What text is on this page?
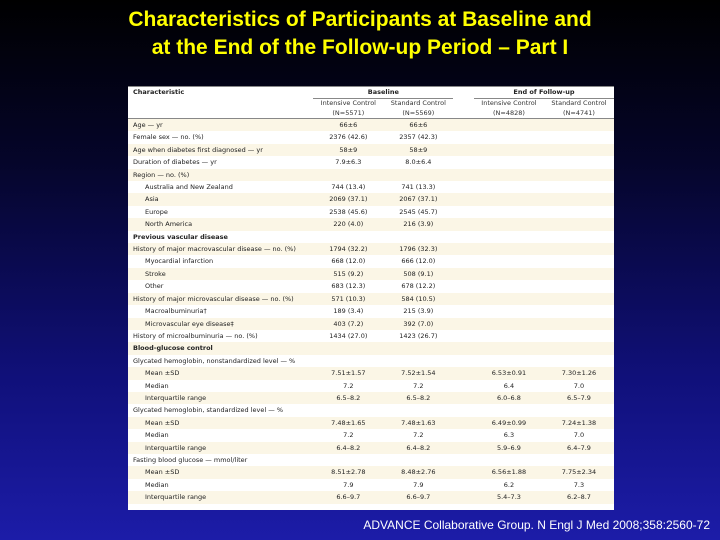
Characteristics of Participants at Baseline and
at the End of the Follow-up Period – Part I
Characteristic	Baseline			End of Follow-up	
	Intensive Control	Standard Control		Intensive Control	Standard Control
	(N=5571)	(N=5569)		(N=4828)	(N=4741)
Age — yr	66±6	66±6			
Female sex — no. (%)	2376 (42.6)	2357 (42.3)			
Age when diabetes first diagnosed — yr	58±9	58±9			
Duration of diabetes — yr	7.9±6.3	8.0±6.4			
Region — no. (%)					
Australia and New Zealand	744 (13.4)	741 (13.3)			
Asia	2069 (37.1)	2067 (37.1)			
Europe	2538 (45.6)	2545 (45.7)			
North America	220 (4.0)	216 (3.9)			
Previous vascular disease					
History of major macrovascular disease — no. (%)	1794 (32.2)	1796 (32.3)			
Myocardial infarction	668 (12.0)	666 (12.0)			
Stroke	515 (9.2)	508 (9.1)			
Other	683 (12.3)	678 (12.2)			
History of major microvascular disease — no. (%)	571 (10.3)	584 (10.5)			
Macroalbuminuria†	189 (3.4)	215 (3.9)			
Microvascular eye disease‡	403 (7.2)	392 (7.0)			
History of microalbuminuria — no. (%)	1434 (27.0)	1423 (26.7)			
Blood-glucose control					
Glycated hemoglobin, nonstandardized level — %					
Mean ±SD	7.51±1.57	7.52±1.54		6.53±0.91	7.30±1.26
Median	7.2	7.2		6.4	7.0
Interquartile range	6.5–8.2	6.5–8.2		6.0–6.8	6.5–7.9
Glycated hemoglobin, standardized level — %					
Mean ±SD	7.48±1.65	7.48±1.63		6.49±0.99	7.24±1.38
Median	7.2	7.2		6.3	7.0
Interquartile range	6.4–8.2	6.4–8.2		5.9–6.9	6.4–7.9
Fasting blood glucose — mmol/liter					
Mean ±SD	8.51±2.78	8.48±2.76		6.56±1.88	7.75±2.34
Median	7.9	7.9		6.2	7.3
Interquartile range	6.6–9.7	6.6–9.7		5.4–7.3	6.2–8.7
ADVANCE Collaborative Group. N Engl J Med 2008;358:2560-72
